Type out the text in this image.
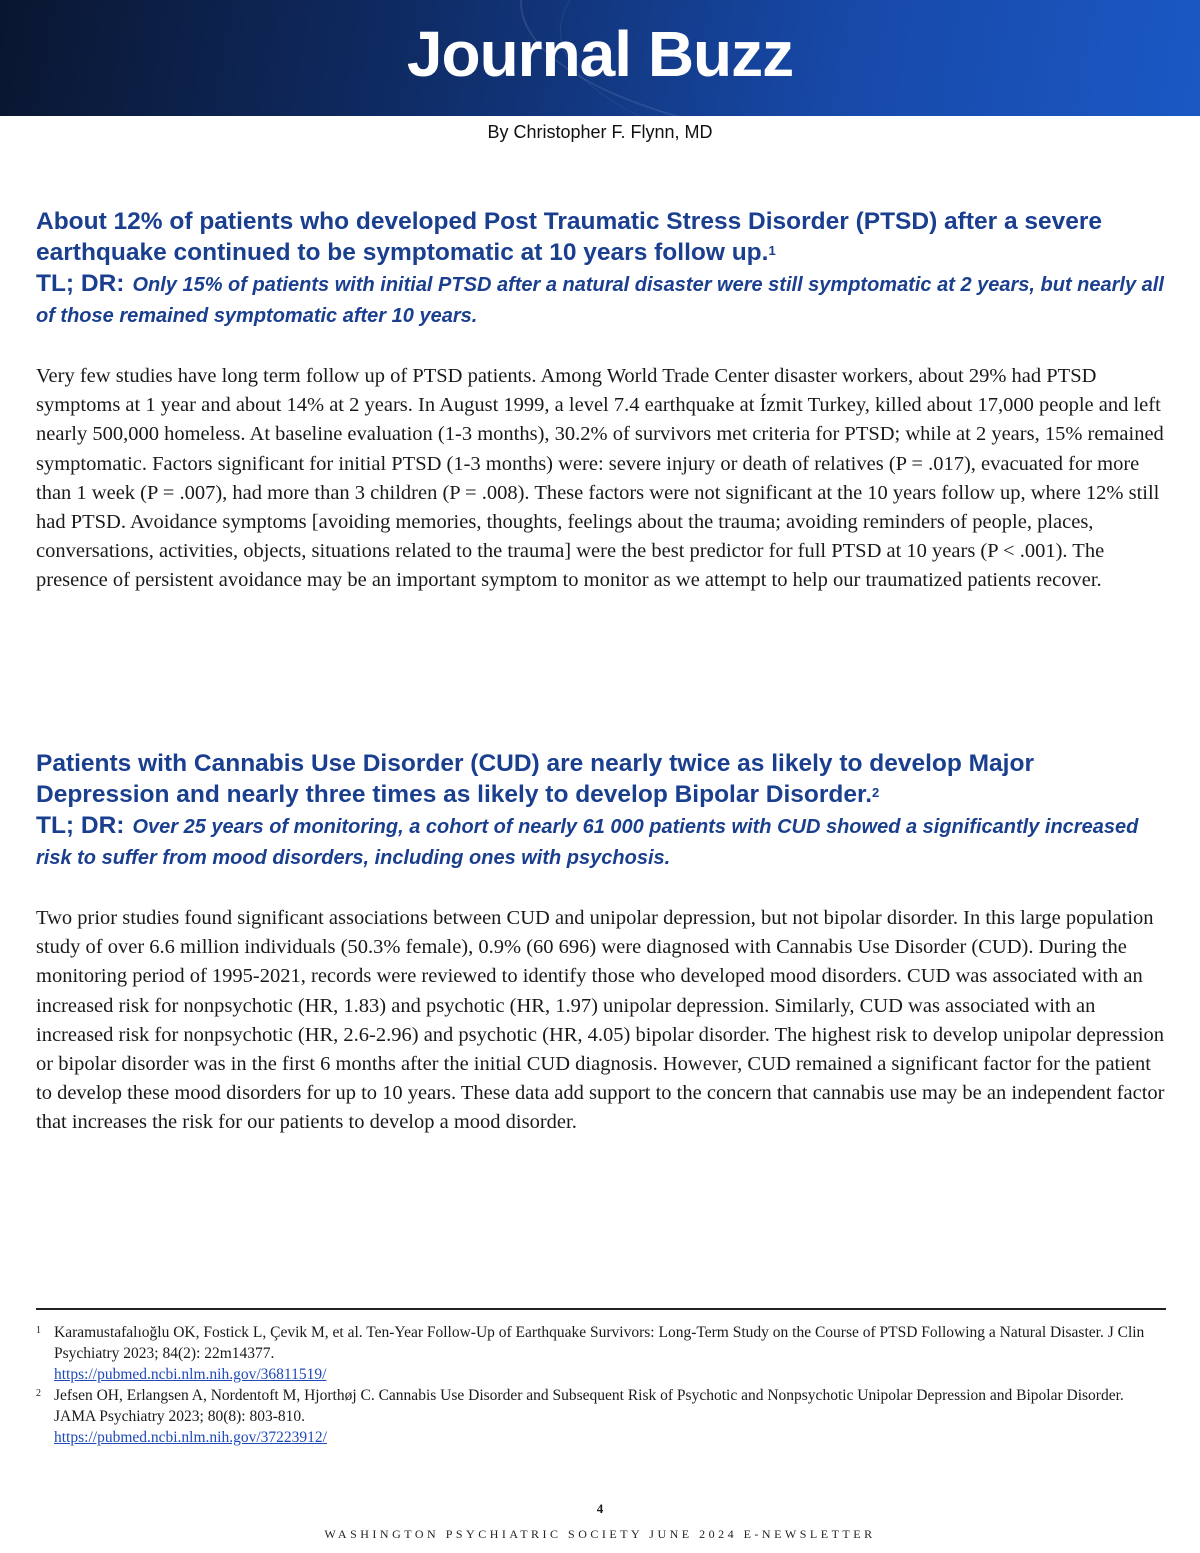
Journal Buzz
By Christopher F. Flynn, MD
About 12% of patients who developed Post Traumatic Stress Disorder (PTSD) after a severe earthquake continued to be symptomatic at 10 years follow up.$^1$

TL; DR: Only 15% of patients with initial PTSD after a natural disaster were still symptomatic at 2 years, but nearly all of those remained symptomatic after 10 years.

Very few studies have long term follow up of PTSD patients. Among World Trade Center disaster workers, about 29% had PTSD symptoms at 1 year and about 14% at 2 years. In August 1999, a level 7.4 earthquake at Ízmit Turkey, killed about 17,000 people and left nearly 500,000 homeless. At baseline evaluation (1-3 months), 30.2% of survivors met criteria for PTSD; while at 2 years, 15% remained symptomatic. Factors significant for initial PTSD (1-3 months) were: severe injury or death of relatives (P = .017), evacuated for more than 1 week (P = .007), had more than 3 children (P = .008). These factors were not significant at the 10 years follow up, where 12% still had PTSD. Avoidance symptoms [avoiding memories, thoughts, feelings about the trauma; avoiding reminders of people, places, conversations, activities, objects, situations related to the trauma] were the best predictor for full PTSD at 10 years (P < .001). The presence of persistent avoidance may be an important symptom to monitor as we attempt to help our traumatized patients recover.

Patients with Cannabis Use Disorder (CUD) are nearly twice as likely to develop Major Depression and nearly three times as likely to develop Bipolar Disorder.$^2$

TL; DR: Over 25 years of monitoring, a cohort of nearly 61 000 patients with CUD showed a significantly increased risk to suffer from mood disorders, including ones with psychosis.

Two prior studies found significant associations between CUD and unipolar depression, but not bipolar disorder. In this large population study of over 6.6 million individuals (50.3% female), 0.9% (60 696) were diagnosed with Cannabis Use Disorder (CUD). During the monitoring period of 1995-2021, records were reviewed to identify those who developed mood disorders. CUD was associated with an increased risk for nonpsychotic (HR, 1.83) and psychotic (HR, 1.97) unipolar depression. Similarly, CUD was associated with an increased risk for nonpsychotic (HR, 2.6-2.96) and psychotic (HR, 4.05) bipolar disorder. The highest risk to develop unipolar depression or bipolar disorder was in the first 6 months after the initial CUD diagnosis. However, CUD remained a significant factor for the patient to develop these mood disorders for up to 10 years. These data add support to the concern that cannabis use may be an independent factor that increases the risk for our patients to develop a mood disorder.

1 Karamustafalıoğlu OK, Fostick L, Çevik M, et al. Ten-Year Follow-Up of Earthquake Survivors: Long-Term Study on the Course of PTSD Following a Natural Disaster. J Clin Psychiatry 2023; 84(2): 22m14377.
https://pubmed.ncbi.nlm.nih.gov/36811519/
2 Jefsen OH, Erlangsen A, Nordentoft M, Hjorthøj C. Cannabis Use Disorder and Subsequent Risk of Psychotic and Nonpsychotic Unipolar Depression and Bipolar Disorder. JAMA Psychiatry 2023; 80(8): 803-810.
https://pubmed.ncbi.nlm.nih.gov/37223912/
4
WASHINGTON PSYCHIATRIC SOCIETY JUNE 2024 E-NEWSLETTER
